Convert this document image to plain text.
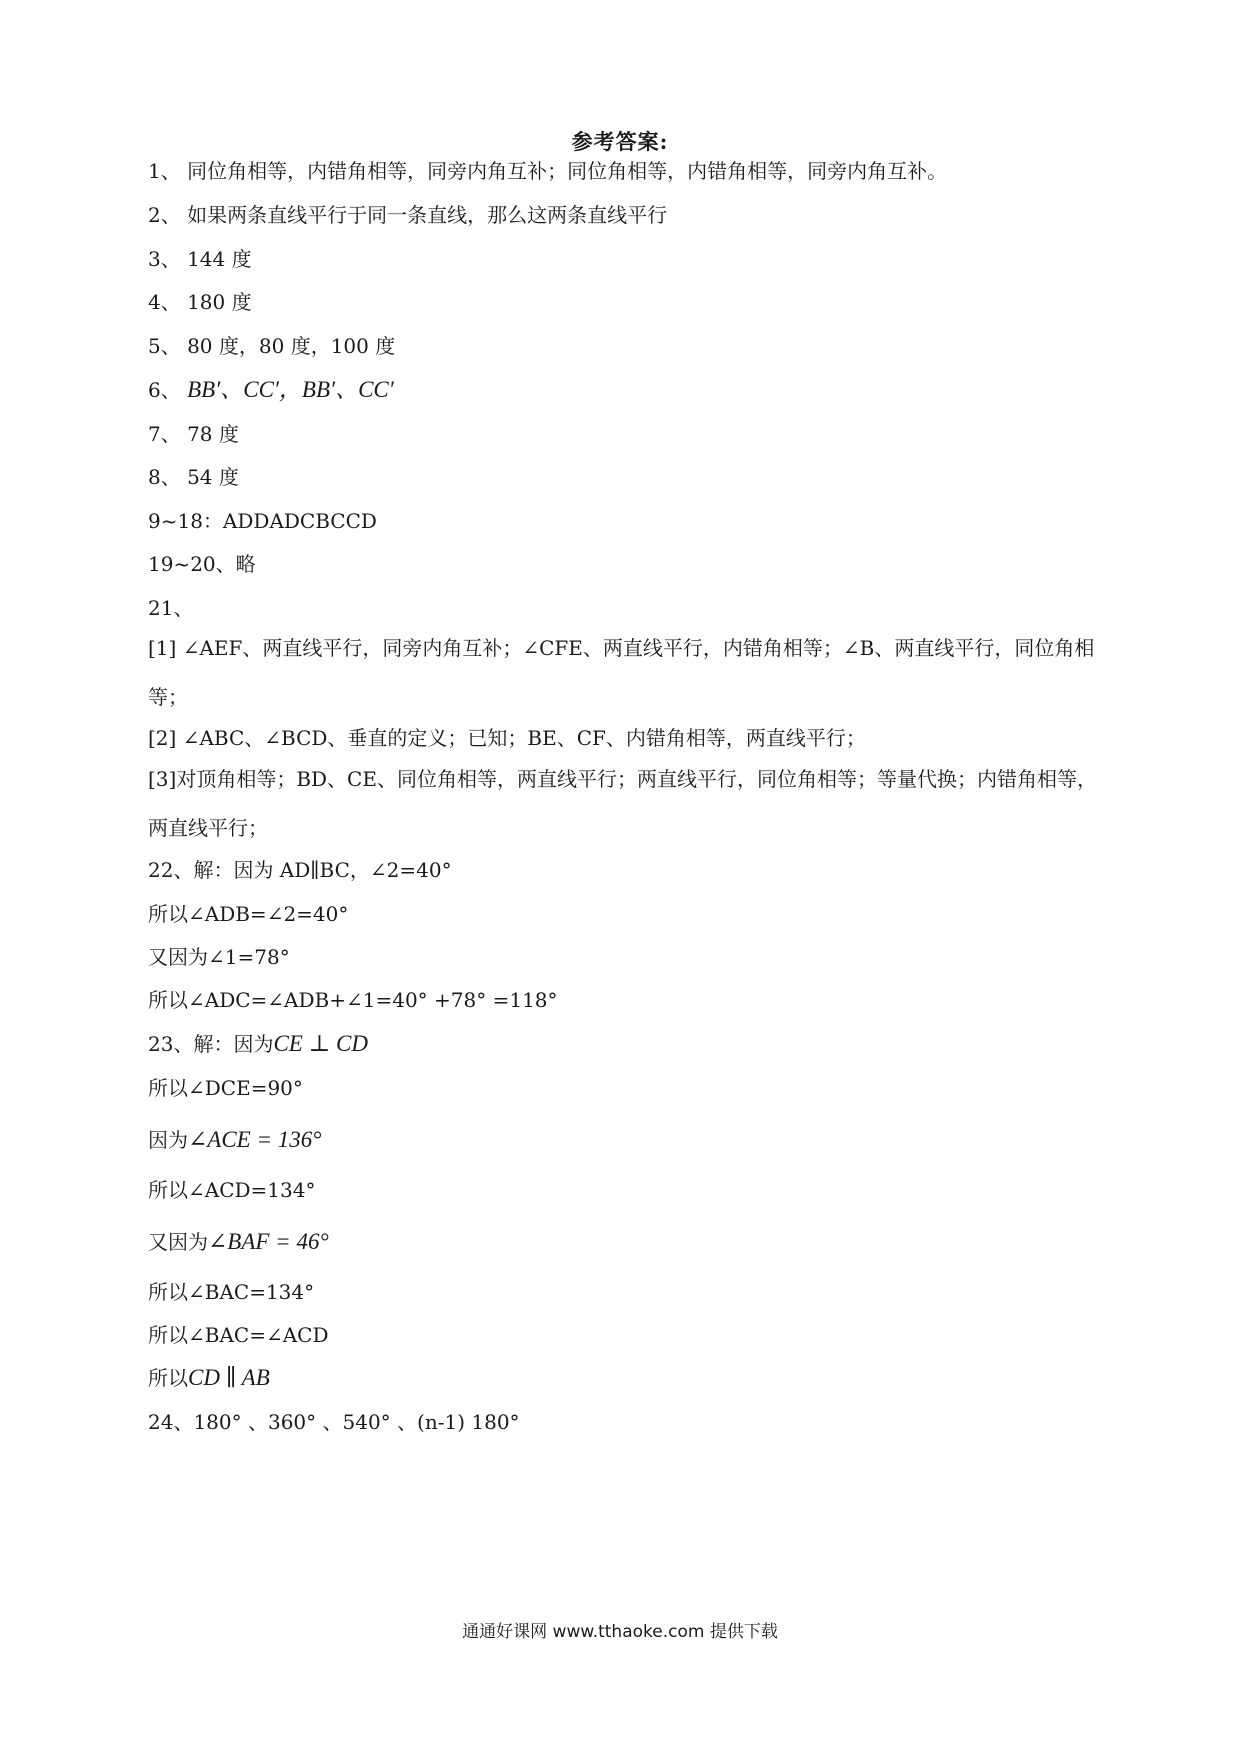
参考答案:
1、 同位角相等，内错角相等，同旁内角互补；同位角相等，内错角相等，同旁内角互补。
2、 如果两条直线平行于同一条直线，那么这两条直线平行
3、 144 度
4、 180 度
5、 80 度，80 度，100 度
6、 BB′、CC′，BB′、CC′
7、 78 度
8、 54 度
9~18：ADDADCBCCD
19~20、略
21、
[1] ∠AEF、两直线平行，同旁内角互补；∠CFE、两直线平行，内错角相等；∠B、两直线平行，同位角相等；
[2] ∠ABC、∠BCD、垂直的定义；已知；BE、CF、内错角相等，两直线平行；
[3]对顶角相等；BD、CE、同位角相等，两直线平行；两直线平行，同位角相等；等量代换；内错角相等，两直线平行；
22、解：因为 AD∥BC，∠2=40°
所以∠ADB=∠2=40°
又因为∠1=78°
所以∠ADC=∠ADB+∠1=40° +78° =118°
23、解：因为CE ⊥ CD
所以∠DCE=90°
因为∠ACE = 136°
所以∠ACD=134°
又因为∠BAF = 46°
所以∠BAC=134°
所以∠BAC=∠ACD
所以CD ∥ AB
24、180° 、360° 、540° 、(n-1) 180°
通通好课网 www.tthaoke.com 提供下载
